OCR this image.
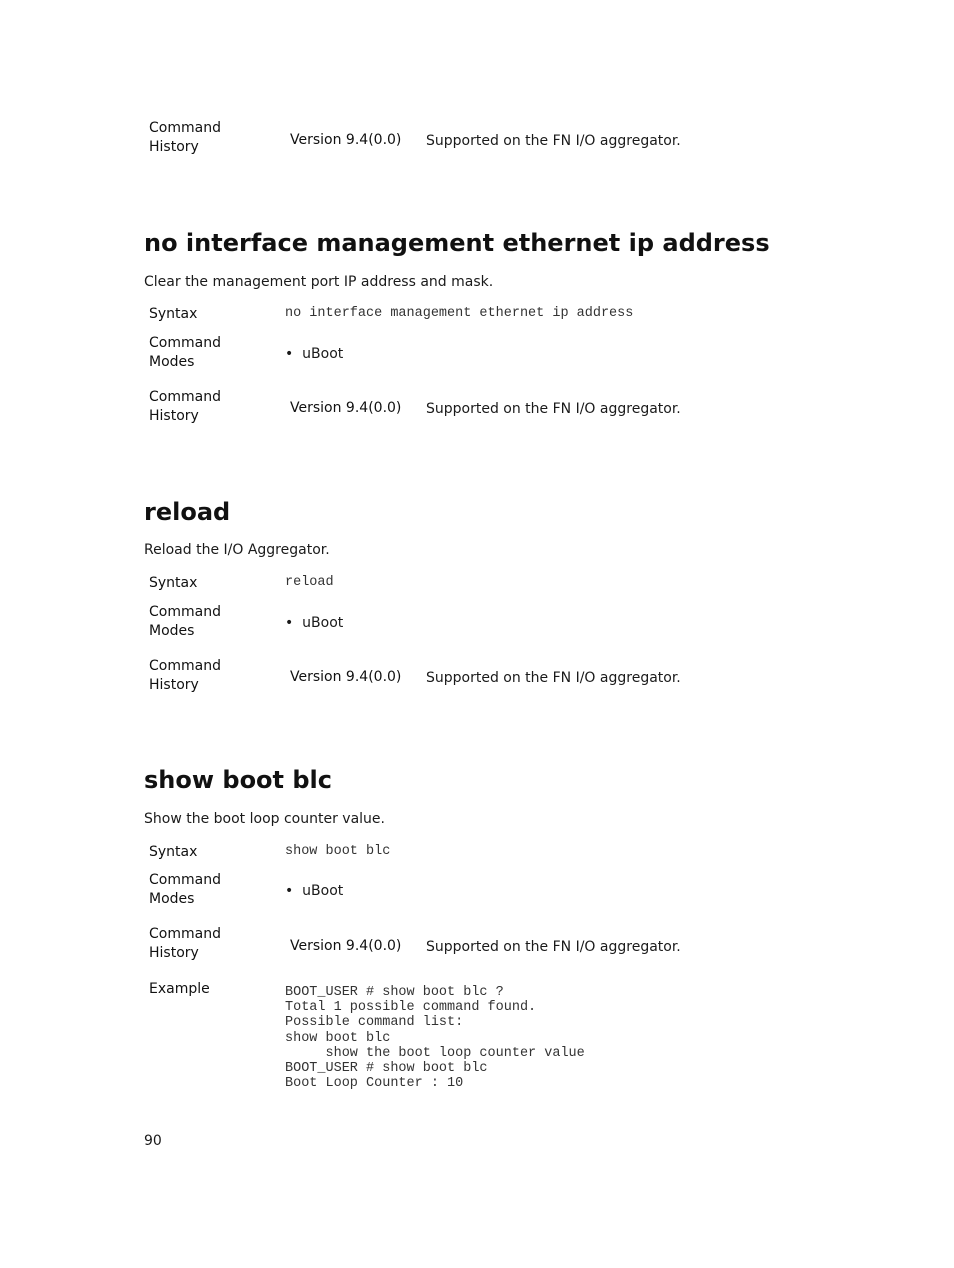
Command
History	Version 9.4(0.0) Supported on the FN I/O aggregator.
no interface management ethernet ip address
Clear the management port IP address and mask.
Syntax	no interface management ethernet ip address
Command
Modes	• uBoot
Command
History	Version 9.4(0.0) Supported on the FN I/O aggregator.
reload
Reload the I/O Aggregator.
Syntax	reload
Command
Modes	• uBoot
Command
History	Version 9.4(0.0) Supported on the FN I/O aggregator.
show boot blc
Show the boot loop counter value.
Syntax	show boot blc
Command
Modes	• uBoot
Command
History	Version 9.4(0.0) Supported on the FN I/O aggregator.
Example	BOOT_USER # show boot blc ?
Total 1 possible command found.
Possible command list:
show boot blc
show the boot loop counter value
BOOT_USER # show boot blc
Boot Loop Counter : 10
90
